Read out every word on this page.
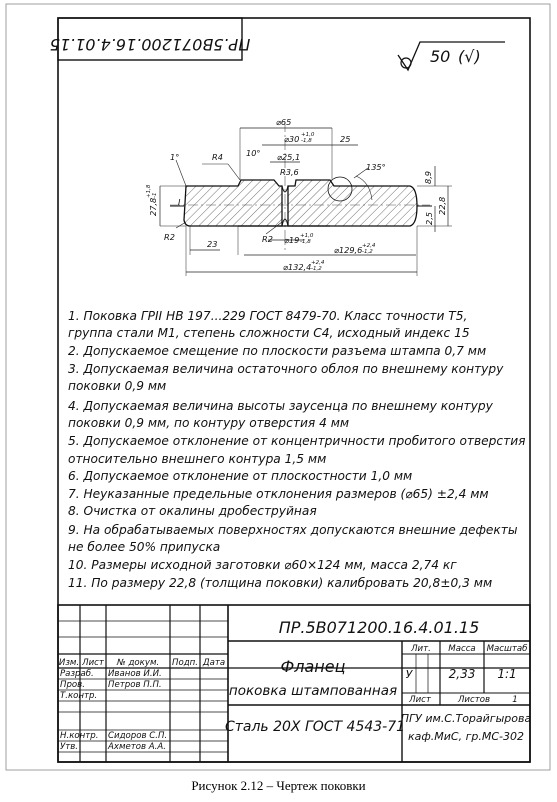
ПР.5В071200.16.4.01.15
50 (√)
⌀65
⌀30 +1,0
-1,8	25
⌀25,1
R3,6
R4
1°	10°
135°
8,9
22,8
2,5
27,8
+1,8 -1
I
R2	R2
23	⌀19 +1,0
-1,8
⌀129,6 +2,4
-1,2
⌀132,4 +2,4
-1,2
1. Поковка ГРII НВ 197...229 ГОСТ 8479-70. Класс точности Т5,
группа стали М1, степень сложности С4, исходный индекс 15
2. Допускаемое смещение по плоскости разъема штампа 0,7 мм
3. Допускаемая величина остаточного облоя по внешнему контуру
поковки 0,9 мм
4. Допускаемая величина высоты заусенца по внешнему контуру
поковки 0,9 мм, по контуру отверстия 4 мм
5. Допускаемое отклонение от концентричности пробитого отверстия
относительно внешнего контура 1,5 мм
6. Допускаемое отклонение от плоскостности 1,0 мм
7. Неуказанные предельные отклонения размеров (⌀65) ±2,4 мм
8. Очистка от окалины дробеструйная
9. На обрабатываемых поверхностях допускаются внешние дефекты
не более 50% припуска
10. Размеры исходной заготовки ⌀60×124 мм, масса 2,74 кг
11. По размеру 22,8 (толщина поковки) калибровать 20,8±0,3 мм
ПР.5В071200.16.4.01.15
Фланец
поковка штампованная
Сталь 20Х ГОСТ 4543-71
ПГУ им.С.Торайгырова
каф.МиС, гр.МС-302
Лит. Масса Масштаб
У	2,33 1:1
Лист	Листов	1
Изм. Лист № докум. Подп. Дата
Разраб. Иванов И.И.
Пров.	Петров П.П.
Т.контр.
Н.контр. Сидоров С.П.
Утв.	Ахметов А.А.
Рисунок 2.12 – Чертеж поковки
